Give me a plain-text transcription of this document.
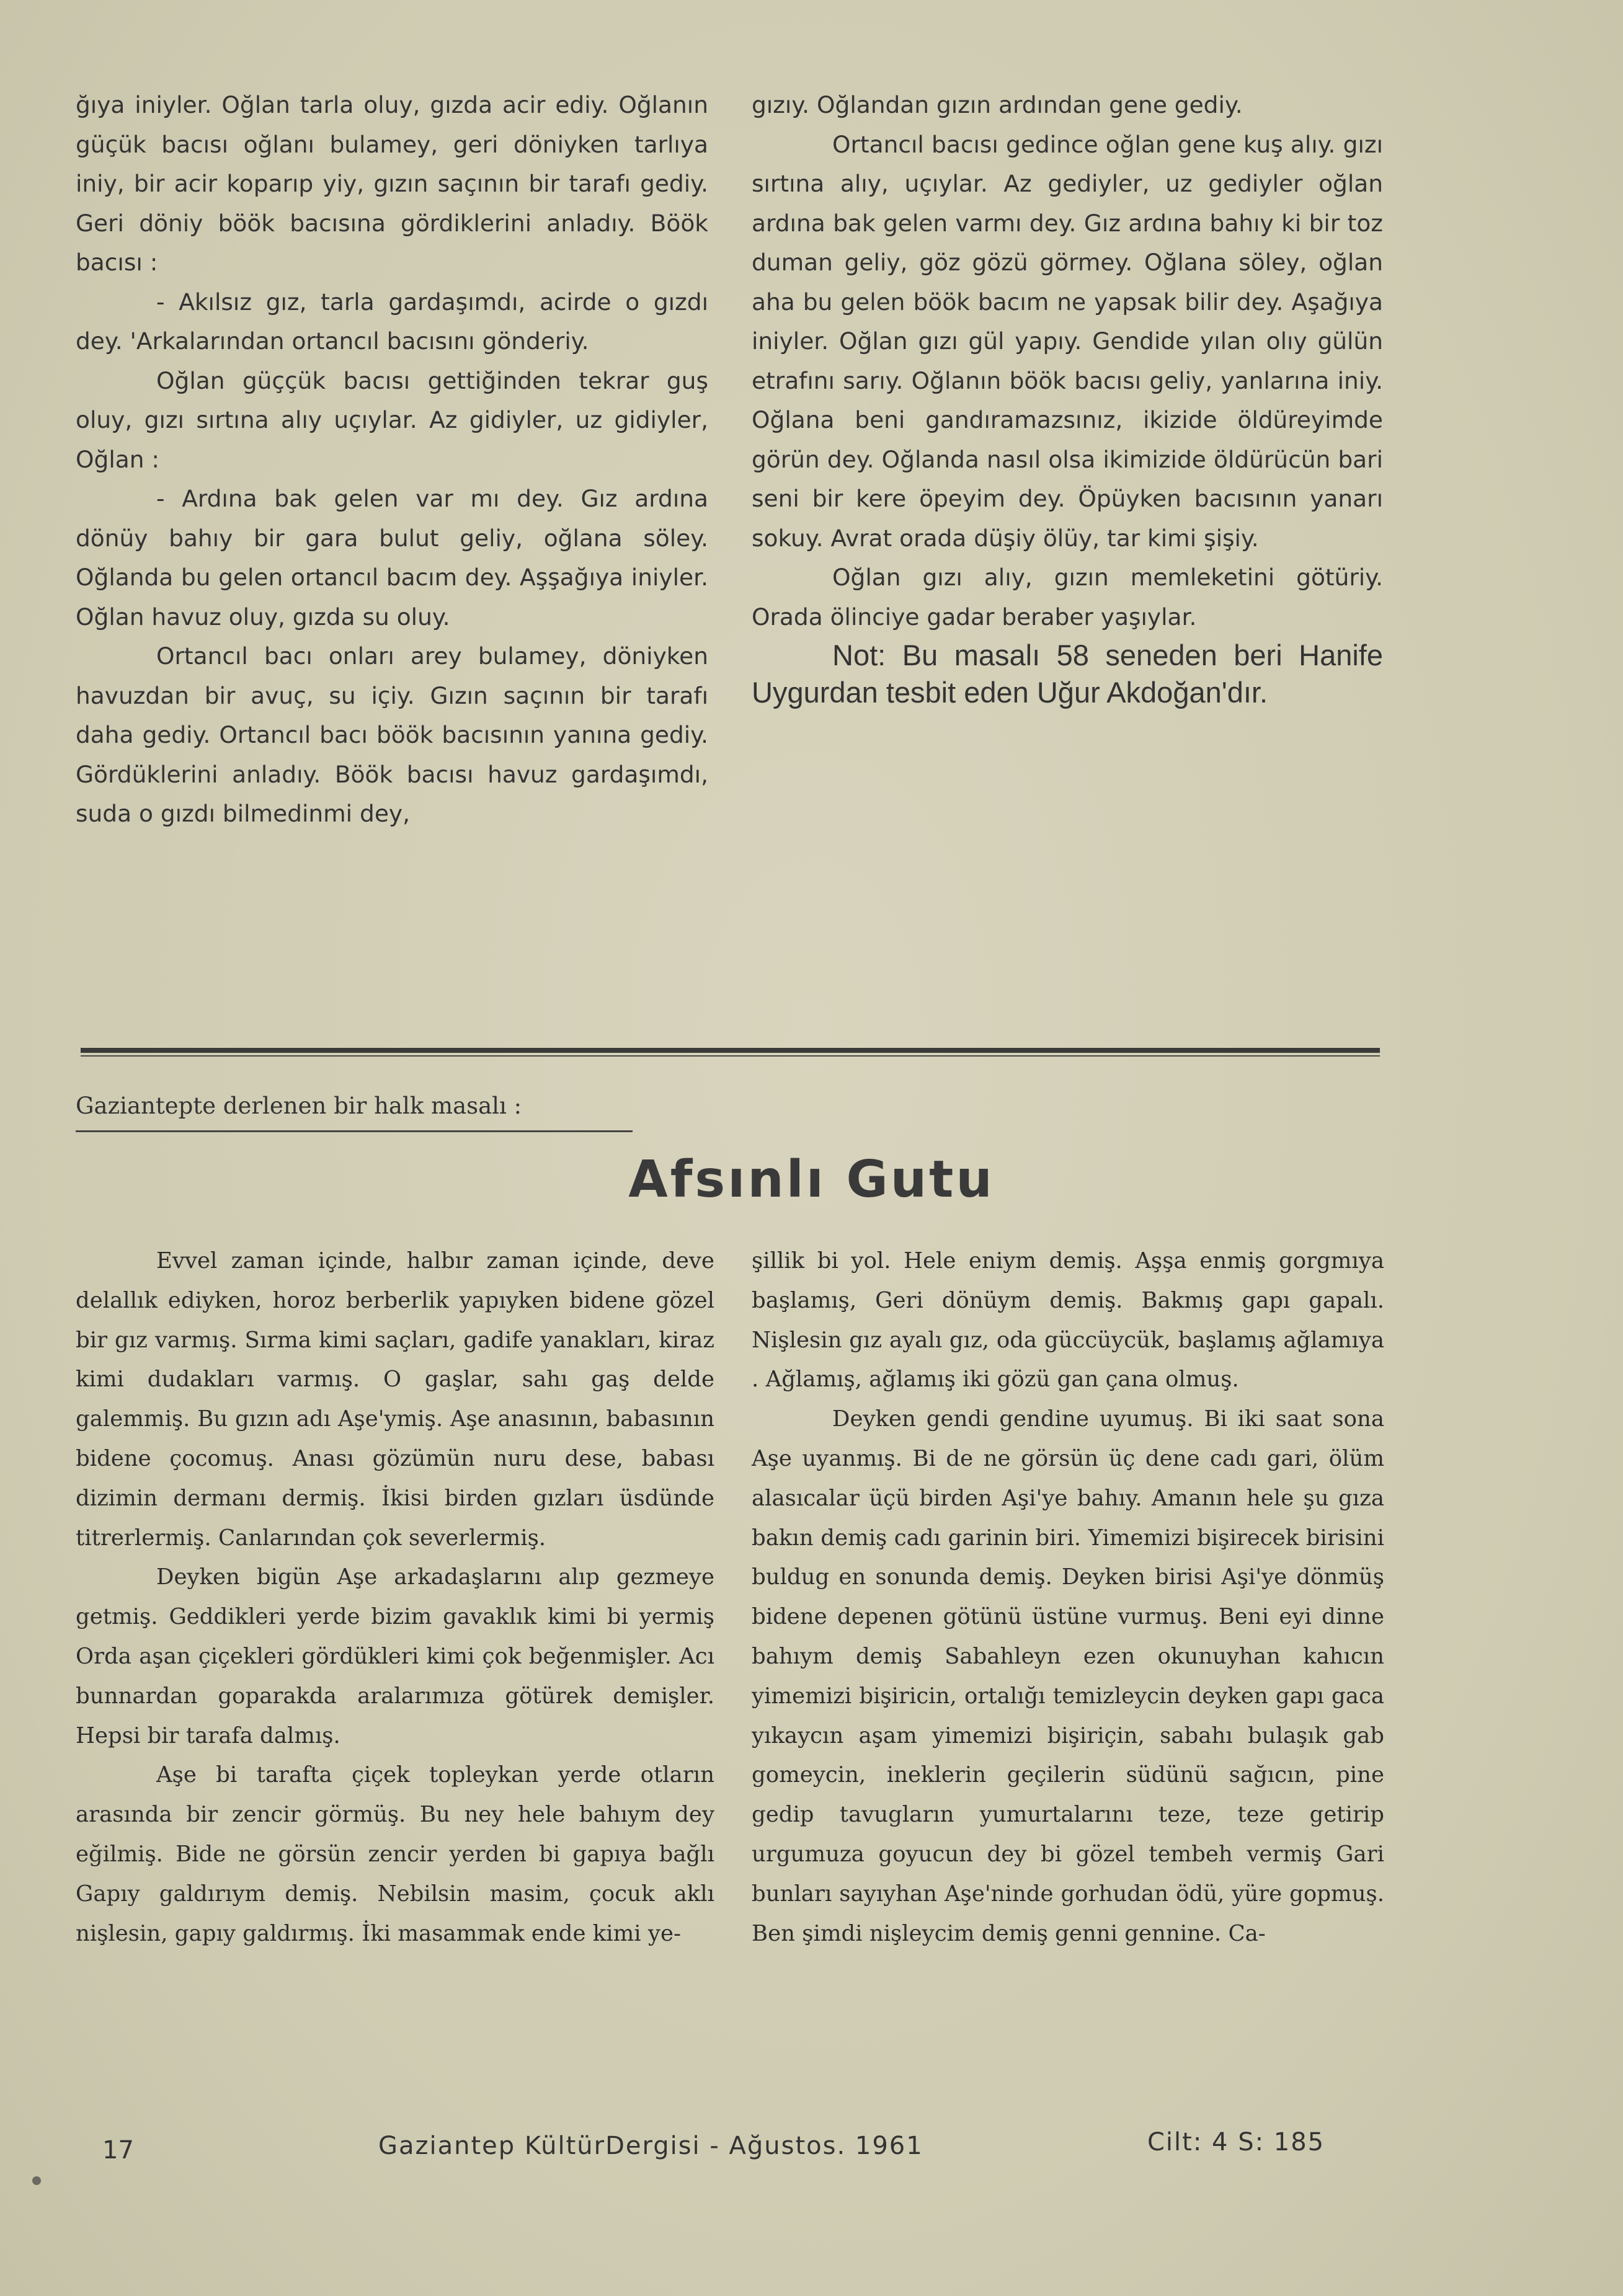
ğıya iniyler. Oğlan tarla oluy, gızda acir ediy. Oğlanın güçük bacısı oğlanı bulamey, geri döniyken tarlıya iniy, bir acir koparıp yiy, gızın saçının bir tarafı gediy. Geri döniy böök bacısına gördiklerini anladıy. Böök bacısı :

- Akılsız gız, tarla gardaşımdı, acirde o gızdı dey. 'Arkalarından ortancıl bacısını gönderiy.

Oğlan güççük bacısı gettiğinden tekrar guş oluy, gızı sırtına alıy uçıylar. Az gidiyler, uz gidiyler, Oğlan :

- Ardına bak gelen var mı dey. Gız ardına dönüy bahıy bir gara bulut geliy, oğlana söley. Oğlanda bu gelen ortancıl bacım dey. Aşşağıya iniyler. Oğlan havuz oluy, gızda su oluy.

Ortancıl bacı onları arey bulamey, döniyken havuzdan bir avuç, su içiy. Gızın saçının bir tarafı daha gediy. Ortancıl bacı böök bacısının yanına gediy. Gördüklerini anladıy. Böök bacısı havuz gardaşımdı, suda o gızdı bilmedinmi dey,

gızıy. Oğlandan gızın ardından gene gediy.

Ortancıl bacısı gedince oğlan gene kuş alıy. gızı sırtına alıy, uçıylar. Az gediyler, uz gediyler oğlan ardına bak gelen varmı dey. Gız ardına bahıy ki bir toz duman geliy, göz gözü görmey. Oğlana söley, oğlan aha bu gelen böök bacım ne yapsak bilir dey. Aşağıya iniyler. Oğlan gızı gül yapıy. Gendide yılan olıy gülün etrafını sarıy. Oğlanın böök bacısı geliy, yanlarına iniy. Oğlana beni gandıramazsınız, ikizide öldüreyimde görün dey. Oğlanda nasıl olsa ikimizide öldürücün bari seni bir kere öpeyim dey. Öpüyken bacısının yanarı sokuy. Avrat orada düşiy ölüy, tar kimi şişiy.

Oğlan gızı alıy, gızın memleketini götüriy. Orada ölinciye gadar beraber yaşıylar.

Not: Bu masalı 58 seneden beri Hanife Uygurdan tesbit eden Uğur Akdoğan'dır.

Gaziantepte derlenen bir halk masalı :
Afsınlı Gutu

Evvel zaman içinde, halbır zaman içinde, deve delallık ediyken, horoz berberlik yapıyken bidene gözel bir gız varmış. Sırma kimi saçları, gadife yanakları, kiraz kimi dudakları varmış. O gaşlar, sahı gaş delde galemmiş. Bu gızın adı Aşe'ymiş. Aşe anasının, babasının bidene çocomuş. Anası gözümün nuru dese, babası dizimin dermanı dermiş. İkisi birden gızları üsdünde titrerlermiş. Canlarından çok severlermiş.

Deyken bigün Aşe arkadaşlarını alıp gezmeye getmiş. Geddikleri yerde bizim gavaklık kimi bi yermiş Orda aşan çiçekleri gördükleri kimi çok beğenmişler. Acı bunnardan goparakda aralarımıza götürek demişler. Hepsi bir tarafa dalmış.

Aşe bi tarafta çiçek topleykan yerde otların arasında bir zencir görmüş. Bu ney hele bahıym dey eğilmiş. Bide ne görsün zencir yerden bi gapıya bağlı Gapıy galdırıym demiş. Nebilsin masim, çocuk aklı nişlesin, gapıy galdırmış. İki masammak ende kimi ye-

şillik bi yol. Hele eniym demiş. Aşşa enmiş gorgmıya başlamış, Geri dönüym demiş. Bakmış gapı gapalı. Nişlesin gız ayalı gız, oda güccüycük, başlamış ağlamıya . Ağlamış, ağlamış iki gözü gan çana olmuş.

Deyken gendi gendine uyumuş. Bi iki saat sona Aşe uyanmış. Bi de ne görsün üç dene cadı gari, ölüm alasıcalar üçü birden Aşi'ye bahıy. Amanın hele şu gıza bakın demiş cadı garinin biri. Yimemizi bişirecek birisini buldug en sonunda demiş. Deyken birisi Aşi'ye dönmüş bidene depenen götünü üstüne vurmuş. Beni eyi dinne bahıym demiş Sabahleyn ezen okunuyhan kahıcın yimemizi bişiricin, ortalığı temizleycin deyken gapı gaca yıkaycın aşam yimemizi bişiriçin, sabahı bulaşık gab gomeycin, ineklerin geçilerin südünü sağıcın, pine gedip tavugların yumurtalarını teze, teze getirip urgumuza goyucun dey bi gözel tembeh vermiş Gari bunları sayıyhan Aşe'ninde gorhudan ödü, yüre gopmuş. Ben şimdi nişleycim demiş genni gennine. Ca-

17	Gaziantep KültürDergisi - Ağustos. 1961	Cilt: 4 S: 185
